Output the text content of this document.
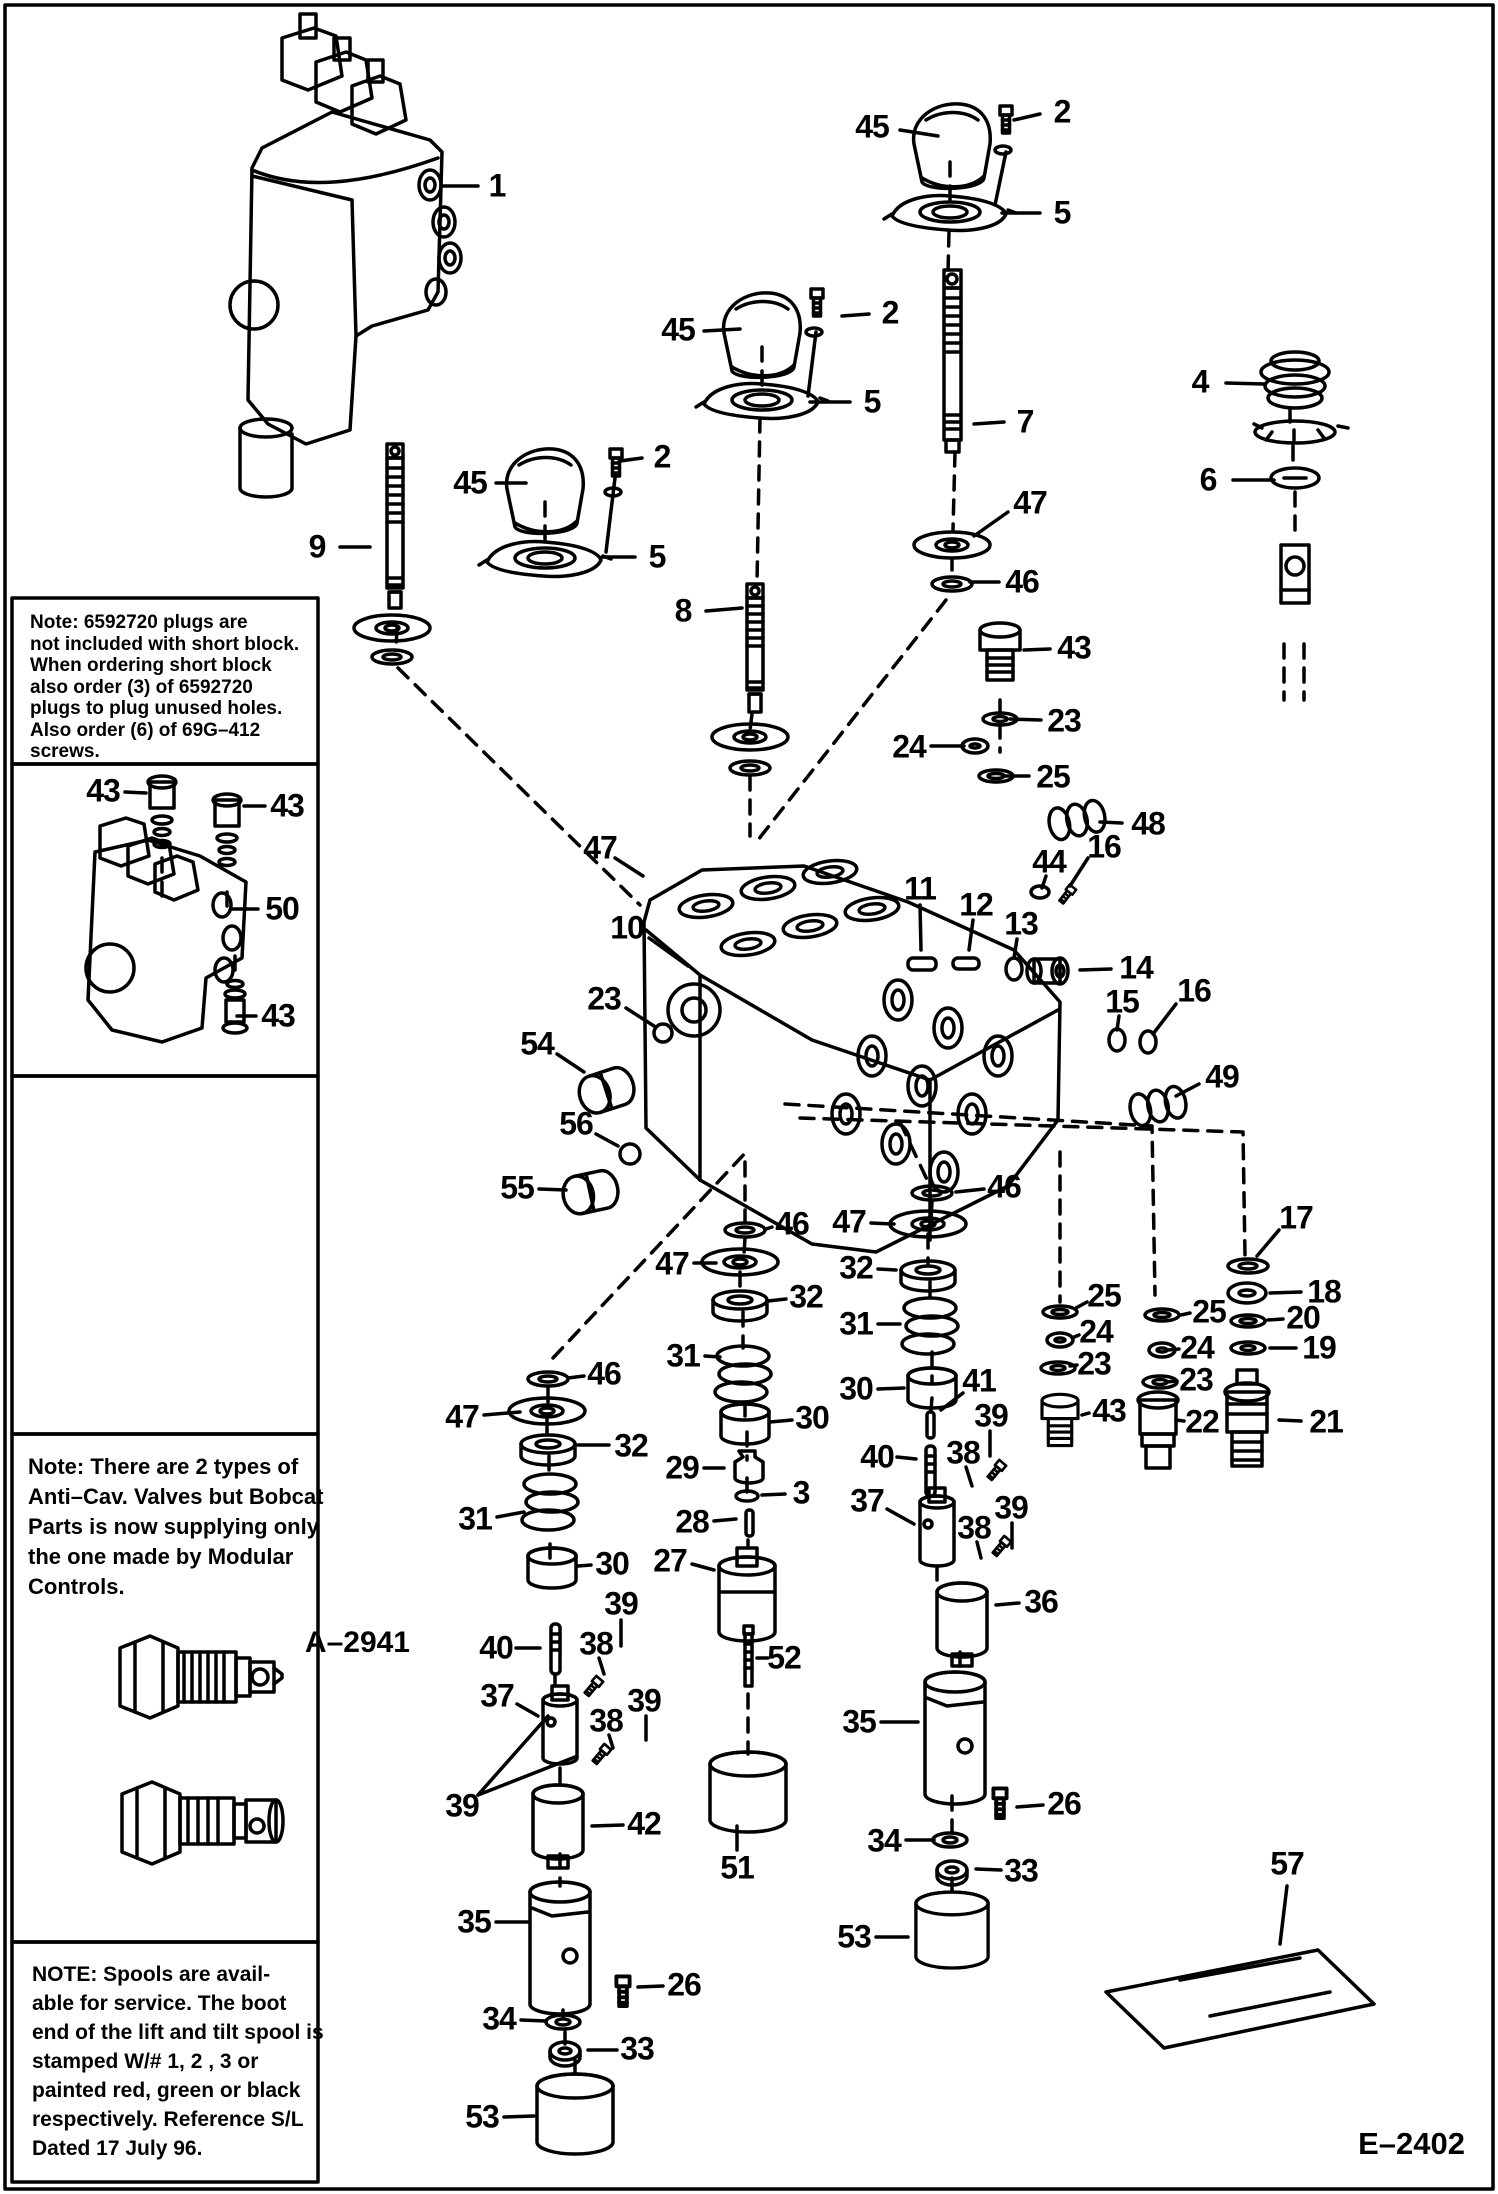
Note: 6592720 plugs are
not included with short block.
When ordering short block
also order (3) of 6592720
plugs to plug unused holes.
Also order (6) of 69G–412
screws.
Note: There are 2 types of
Anti–Cav. Valves but Bobcat
Parts is now supplying only
the one made by Modular
Controls.
NOTE: Spools are avail-
able for service. The boot
end of the lift and tilt spool is
stamped W/# 1, 2 , 3 or
painted red, green or black
respectively. Reference S/L
Dated 17 July 96.
A–2941
E–2402
1
45	2
5
4
6
7
45	2
5
8
9
45
2
5
47
46
43
23
24
25
48
16
44
10
47
11 12
13
14
15 16
23
54
56
55
49
17
18
20
19
21
25
24
23
22
25
24
23
43
46
47
32
31
30
46
47
32
31
30
29
3
28
27
52
51
46
47
32
31
30	41
39
40 38
37	39
38
36
35
26
34
33
53
39
40 38
37
38
39
39	42
35
26
34
33
53
57
43	43
50
43
